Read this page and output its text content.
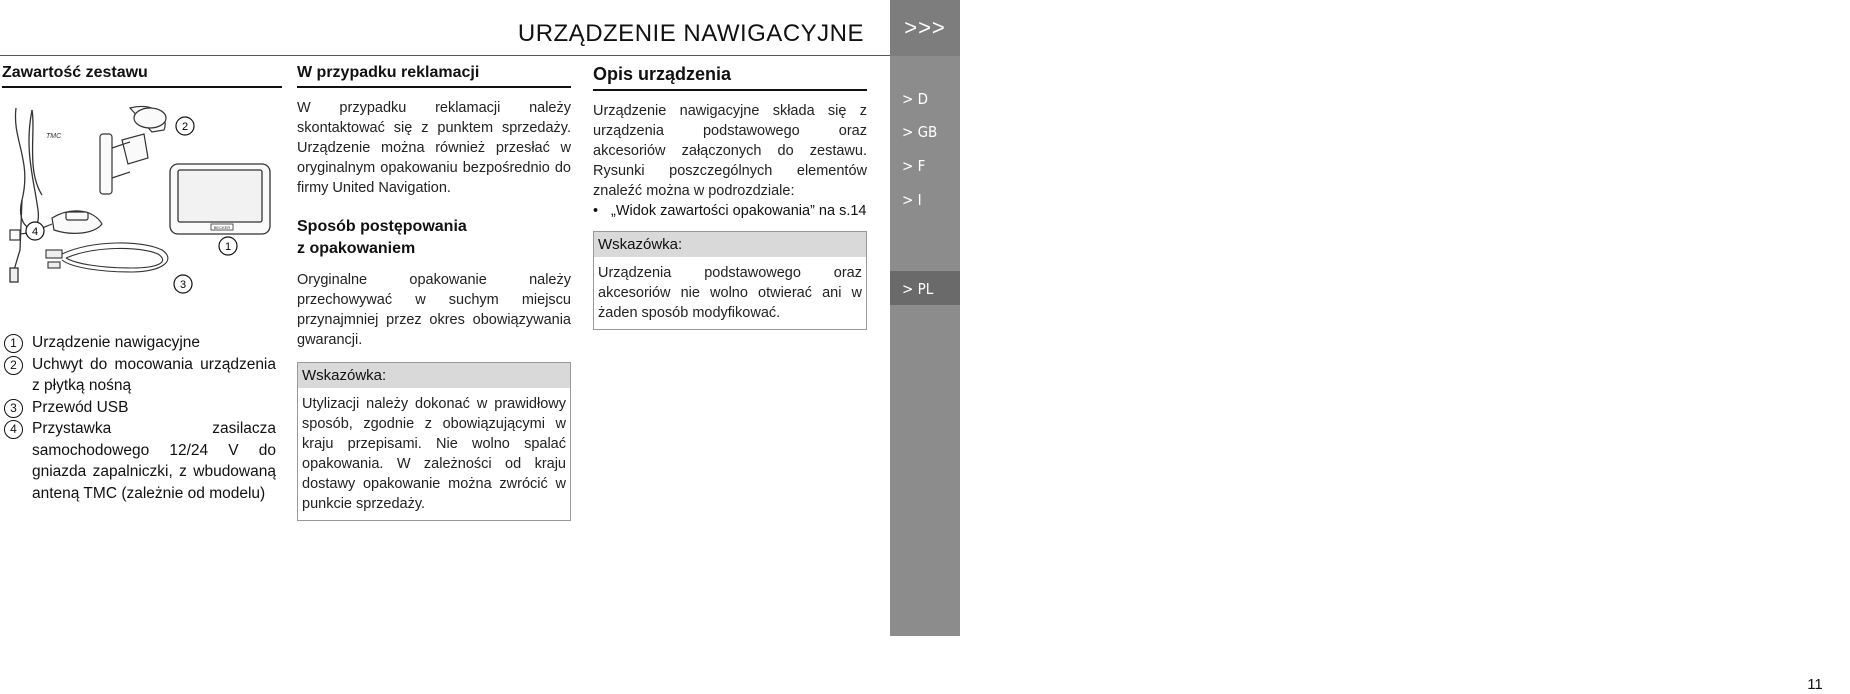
URZĄDZENIE NAWIGACYJNE	>>>
> D
> GB
> F
> I
> PL
11
Zawartość zestawu
TMC
2
BECKER
1
4
3
1 Urządzenie nawigacyjne
2 Uchwyt do mocowania urządzenia z płytką nośną
3 Przewód USB
4 Przystawka zasilacza samochodowego 12/24 V do gniazda zapalniczki, z wbudowaną anteną TMC (zależnie od modelu)
W przypadku reklamacji
W przypadku reklamacji należy skontaktować się z punktem sprzedaży. Urządzenie można również przesłać w oryginalnym opakowaniu bezpośrednio do firmy United Navigation.
Sposób postępowania
z opakowaniem
Oryginalne opakowanie należy przechowywać w suchym miejscu przynajmniej przez okres obowiązywania gwarancji.
Wskazówka:
Utylizacji należy dokonać w prawidłowy sposób, zgodnie z obowiązującymi w kraju przepisami. Nie wolno spalać opakowania. W zależności od kraju dostawy opakowanie można zwrócić w punkcie sprzedaży.
Opis urządzenia
Urządzenie nawigacyjne składa się z urządzenia podstawowego oraz akcesoriów załączonych do zestawu. Rysunki poszczególnych elementów znaleźć można w podrozdziale:
• „Widok zawartości opakowania” na s.14
Wskazówka:
Urządzenia podstawowego oraz akcesoriów nie wolno otwierać ani w żaden sposób modyfikować.
